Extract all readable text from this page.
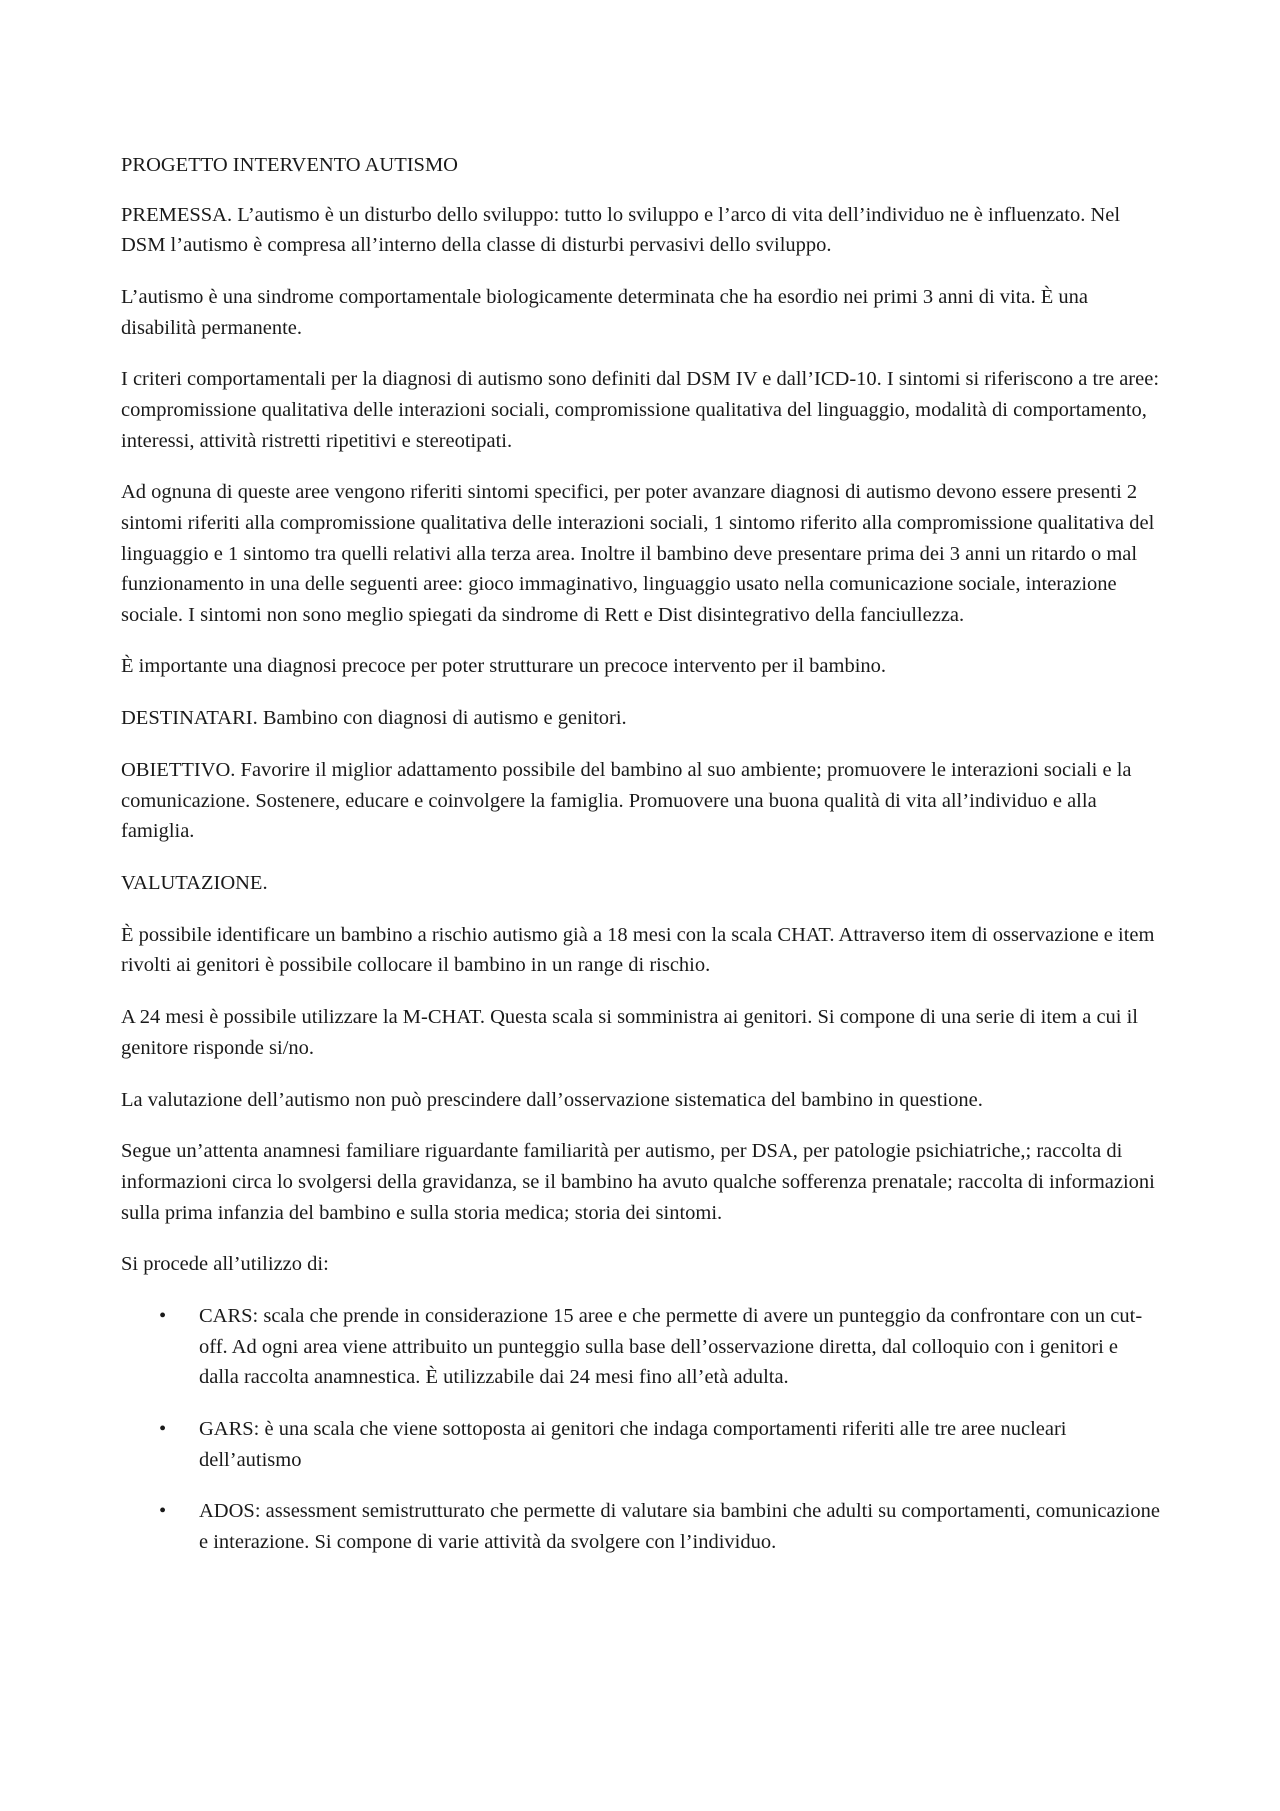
PROGETTO INTERVENTO AUTISMO

PREMESSA. L’autismo è un disturbo dello sviluppo: tutto lo sviluppo e l’arco di vita dell’individuo ne è influenzato. Nel DSM l’autismo è compresa all’interno della classe di disturbi pervasivi dello sviluppo.

L’autismo è una sindrome comportamentale biologicamente determinata che ha esordio nei primi 3 anni di vita. È una disabilità permanente.

I criteri comportamentali per la diagnosi di autismo sono definiti dal DSM IV e dall’ICD-10. I sintomi si riferiscono a tre aree: compromissione qualitativa delle interazioni sociali, compromissione qualitativa del linguaggio, modalità di comportamento, interessi, attività ristretti ripetitivi e stereotipati.

Ad ognuna di queste aree vengono riferiti sintomi specifici, per poter avanzare diagnosi di autismo devono essere presenti 2 sintomi riferiti alla compromissione qualitativa delle interazioni sociali, 1 sintomo riferito alla compromissione qualitativa del linguaggio e 1 sintomo tra quelli relativi alla terza area. Inoltre il bambino deve presentare prima dei 3 anni un ritardo o mal funzionamento in una delle seguenti aree: gioco immaginativo, linguaggio usato nella comunicazione sociale, interazione sociale. I sintomi non sono meglio spiegati da sindrome di Rett e Dist disintegrativo della fanciullezza.

È importante una diagnosi precoce per poter strutturare un precoce intervento per il bambino.

DESTINATARI. Bambino con diagnosi di autismo e genitori.

OBIETTIVO. Favorire il miglior adattamento possibile del bambino al suo ambiente; promuovere le interazioni sociali e la comunicazione. Sostenere, educare e coinvolgere la famiglia. Promuovere una buona qualità di vita all’individuo e alla famiglia.

VALUTAZIONE.

È possibile identificare un bambino a rischio autismo già a 18 mesi con la scala CHAT. Attraverso item di osservazione e item rivolti ai genitori è possibile collocare il bambino in un range di rischio.

A 24 mesi è possibile utilizzare la M-CHAT. Questa scala si somministra ai genitori. Si compone di una serie di item a cui il genitore risponde si/no.

La valutazione dell’autismo non può prescindere dall’osservazione sistematica del bambino in questione.

Segue un’attenta anamnesi familiare riguardante familiarità per autismo, per DSA, per patologie psichiatriche,; raccolta di informazioni circa lo svolgersi della gravidanza, se il bambino ha avuto qualche sofferenza prenatale; raccolta di informazioni sulla prima infanzia del bambino e sulla storia medica; storia dei sintomi.

Si procede all’utilizzo di:

• CARS: scala che prende in considerazione 15 aree e che permette di avere un punteggio da confrontare con un cut-off. Ad ogni area viene attribuito un punteggio sulla base dell’osservazione diretta, dal colloquio con i genitori e dalla raccolta anamnestica. È utilizzabile dai 24 mesi fino all’età adulta.
• GARS: è una scala che viene sottoposta ai genitori che indaga comportamenti riferiti alle tre aree nucleari dell’autismo
• ADOS: assessment semistrutturato che permette di valutare sia bambini che adulti su comportamenti, comunicazione e interazione. Si compone di varie attività da svolgere con l’individuo.
